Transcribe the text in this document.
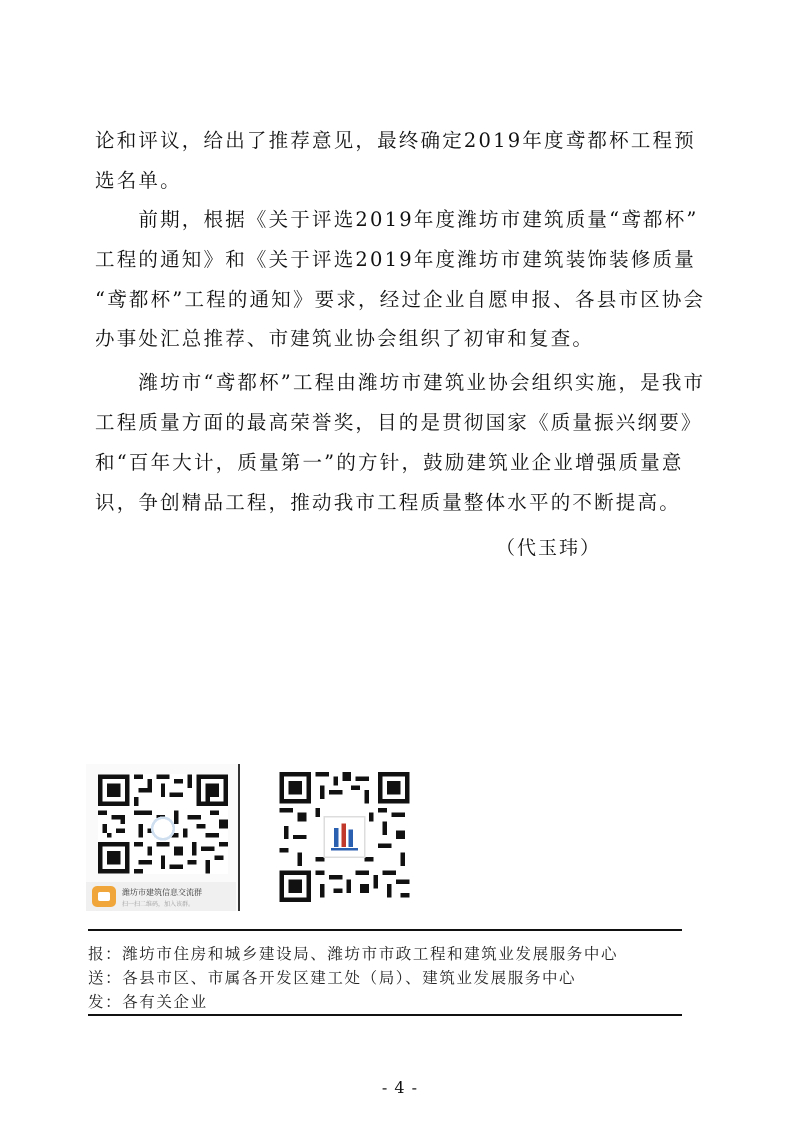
论和评议，给出了推荐意见，最终确定2019年度鸢都杯工程预
选名单。
　　前期，根据《关于评选2019年度潍坊市建筑质量“鸢都杯”
工程的通知》和《关于评选2019年度潍坊市建筑装饰装修质量
“鸢都杯”工程的通知》要求，经过企业自愿申报、各县市区协会
办事处汇总推荐、市建筑业协会组织了初审和复查。
　　潍坊市“鸢都杯”工程由潍坊市建筑业协会组织实施，是我市
工程质量方面的最高荣誉奖，目的是贯彻国家《质量振兴纲要》
和“百年大计，质量第一”的方针，鼓励建筑业企业增强质量意
识，争创精品工程，推动我市工程质量整体水平的不断提高。
（代玉玮）
潍坊市建筑信息交流群
扫一扫二维码，加入该群。
报：潍坊市住房和城乡建设局、潍坊市市政工程和建筑业发展服务中心
送：各县市区、市属各开发区建工处（局）、建筑业发展服务中心
发：各有关企业
- 4 -
